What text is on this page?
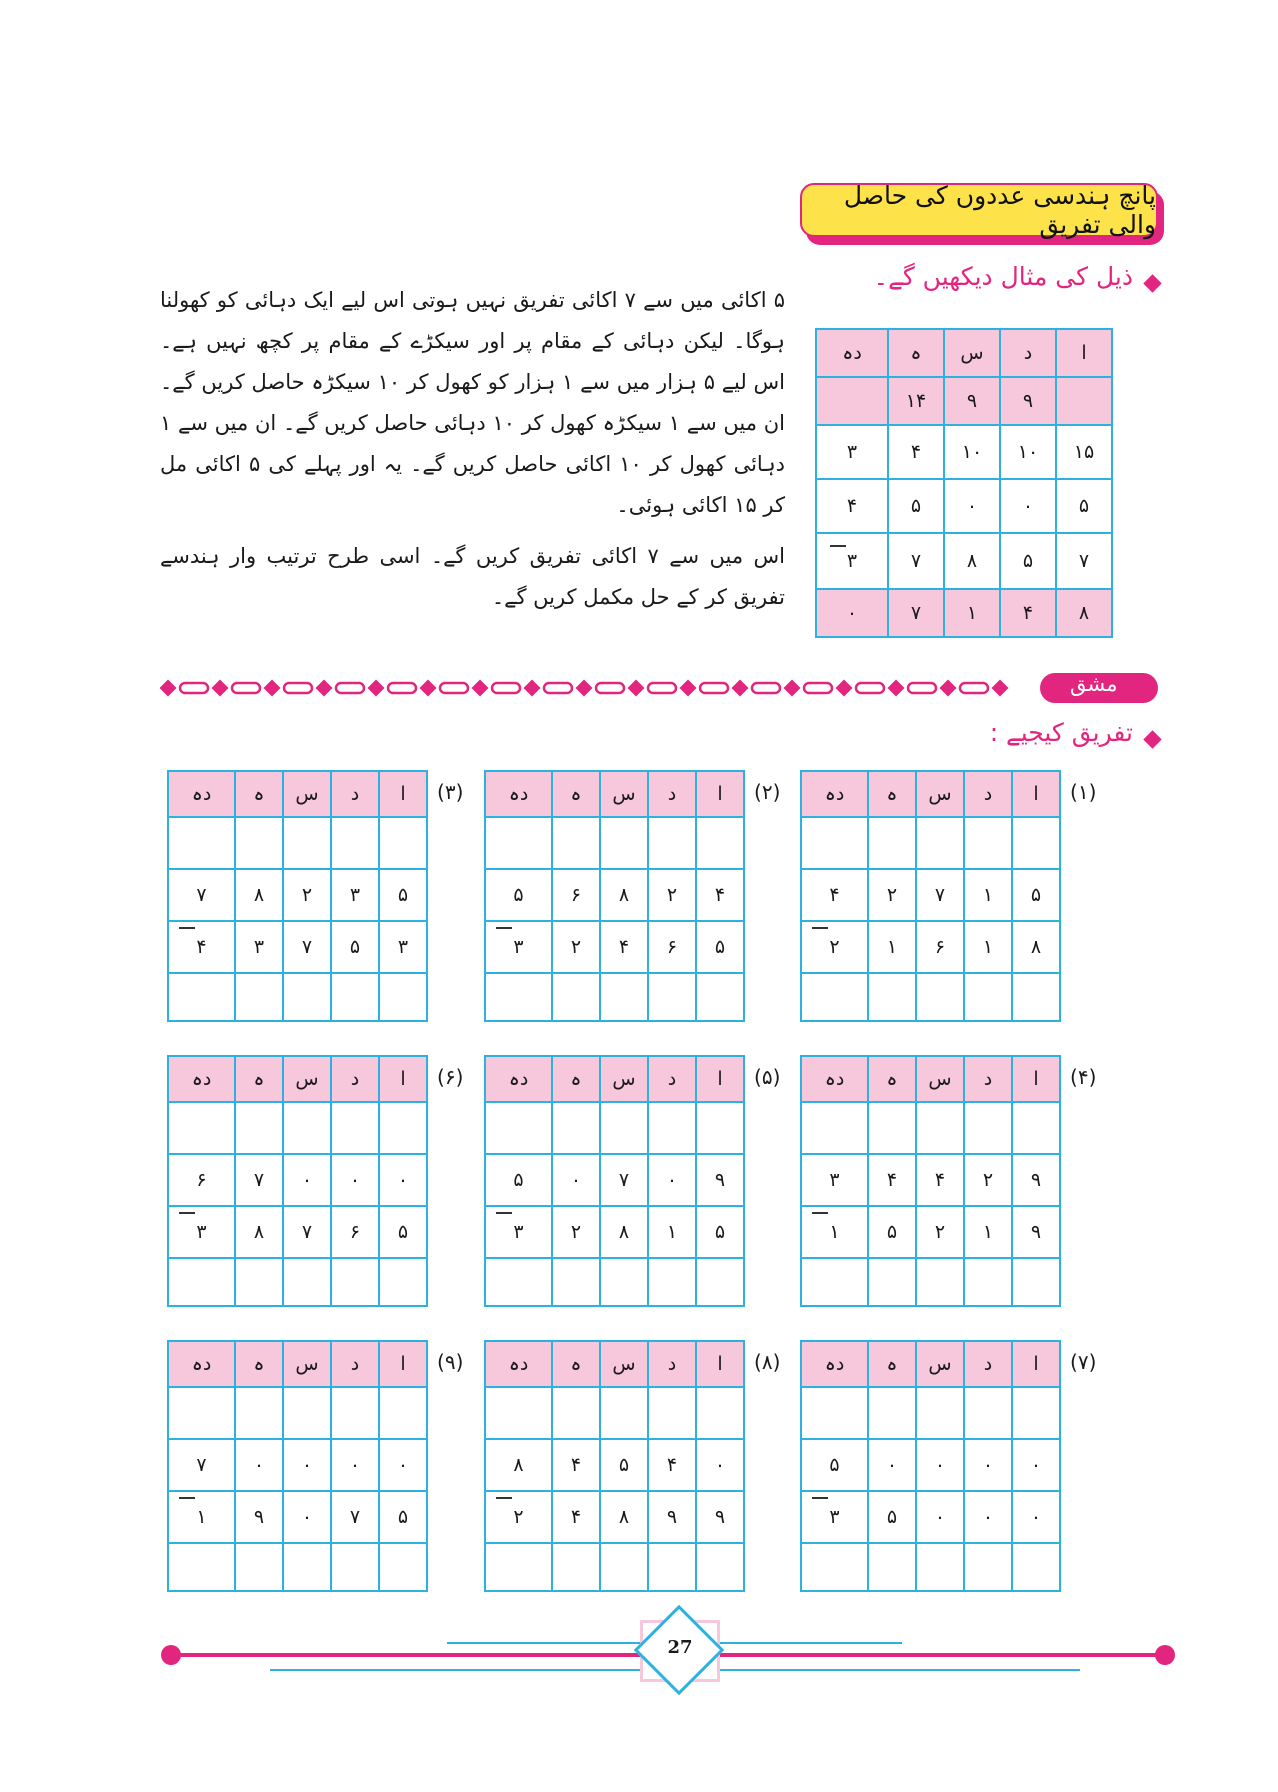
پانچ ہندسی عددوں کی حاصل والی تفریق
ذیل کی مثال دیکھیں گے۔

۵ اکائی میں سے ۷ اکائی تفریق نہیں ہوتی اس لیے ایک دہائی کو کھولنا ہوگا۔ لیکن دہائی کے مقام پر اور سیکڑے کے مقام پر کچھ نہیں ہے۔ اس لیے ۵ ہزار میں سے ۱ ہزار کو کھول کر ۱۰ سیکڑہ حاصل کریں گے۔ ان میں سے ۱ سیکڑہ کھول کر ۱۰ دہائی حاصل کریں گے۔ ان میں سے ۱ دہائی کھول کر ۱۰ اکائی حاصل کریں گے۔ یہ اور پہلے کی ۵ اکائی مل کر ۱۵ اکائی ہوئی۔

اس میں سے ۷ اکائی تفریق کریں گے۔ اسی طرح ترتیب وار ہندسے تفریق کر کے حل مکمل کریں گے۔

ا	د	س	ہ	دہ
	۹	۹	۱۴	
۱۵	۱۰	۱۰	۴	۳
۵	۰	۰	۵	۴
۷	۵	۸	۷	۳
۸	۴	۱	۷	۰
مشق
تفریق کیجیے :
(۱)
ا	د	س	ہ	دہ

۵	۱	۷	۲	۴
۸	۱	۶	۱	۲

(۲)
ا	د	س	ہ	دہ

۴	۲	۸	۶	۵
۵	۶	۴	۲	۳

(۳)
ا	د	س	ہ	دہ

۵	۳	۲	۸	۷
۳	۵	۷	۳	۴

(۴)
ا	د	س	ہ	دہ

۹	۲	۴	۴	۳
۹	۱	۲	۵	۱

(۵)
ا	د	س	ہ	دہ

۹	۰	۷	۰	۵
۵	۱	۸	۲	۳

(۶)
ا	د	س	ہ	دہ

۰	۰	۰	۷	۶
۵	۶	۷	۸	۳

(۷)
ا	د	س	ہ	دہ

۰	۰	۰	۰	۵
۰	۰	۰	۵	۳

(۸)
ا	د	س	ہ	دہ

۰	۴	۵	۴	۸
۹	۹	۸	۴	۲

(۹)
ا	د	س	ہ	دہ

۰	۰	۰	۰	۷
۵	۷	۰	۹	۱

27
